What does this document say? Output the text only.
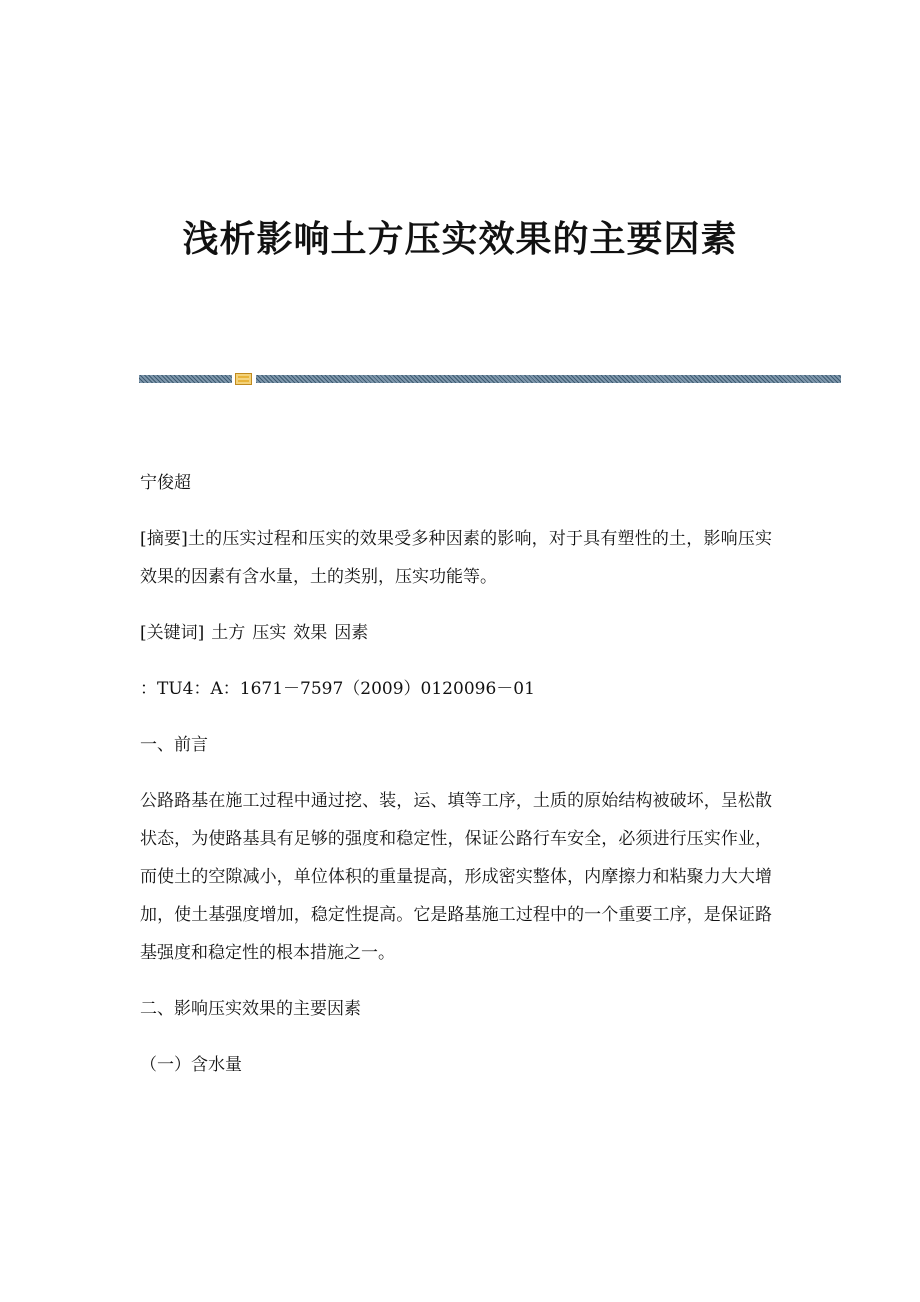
浅析影响土方压实效果的主要因素

宁俊超

[摘要]土的压实过程和压实的效果受多种因素的影响，对于具有塑性的土，影响压实效果的因素有含水量，土的类别，压实功能等。

[关键词] 土方 压实 效果 因素

：TU4：A：1671－7597（2009）0120096－01

一、前言

公路路基在施工过程中通过挖、装，运、填等工序，土质的原始结构被破坏，呈松散状态，为使路基具有足够的强度和稳定性，保证公路行车安全，必须进行压实作业，而使土的空隙减小，单位体积的重量提高，形成密实整体，内摩擦力和粘聚力大大增加，使土基强度增加，稳定性提高。它是路基施工过程中的一个重要工序，是保证路基强度和稳定性的根本措施之一。

二、影响压实效果的主要因素

（一）含水量
